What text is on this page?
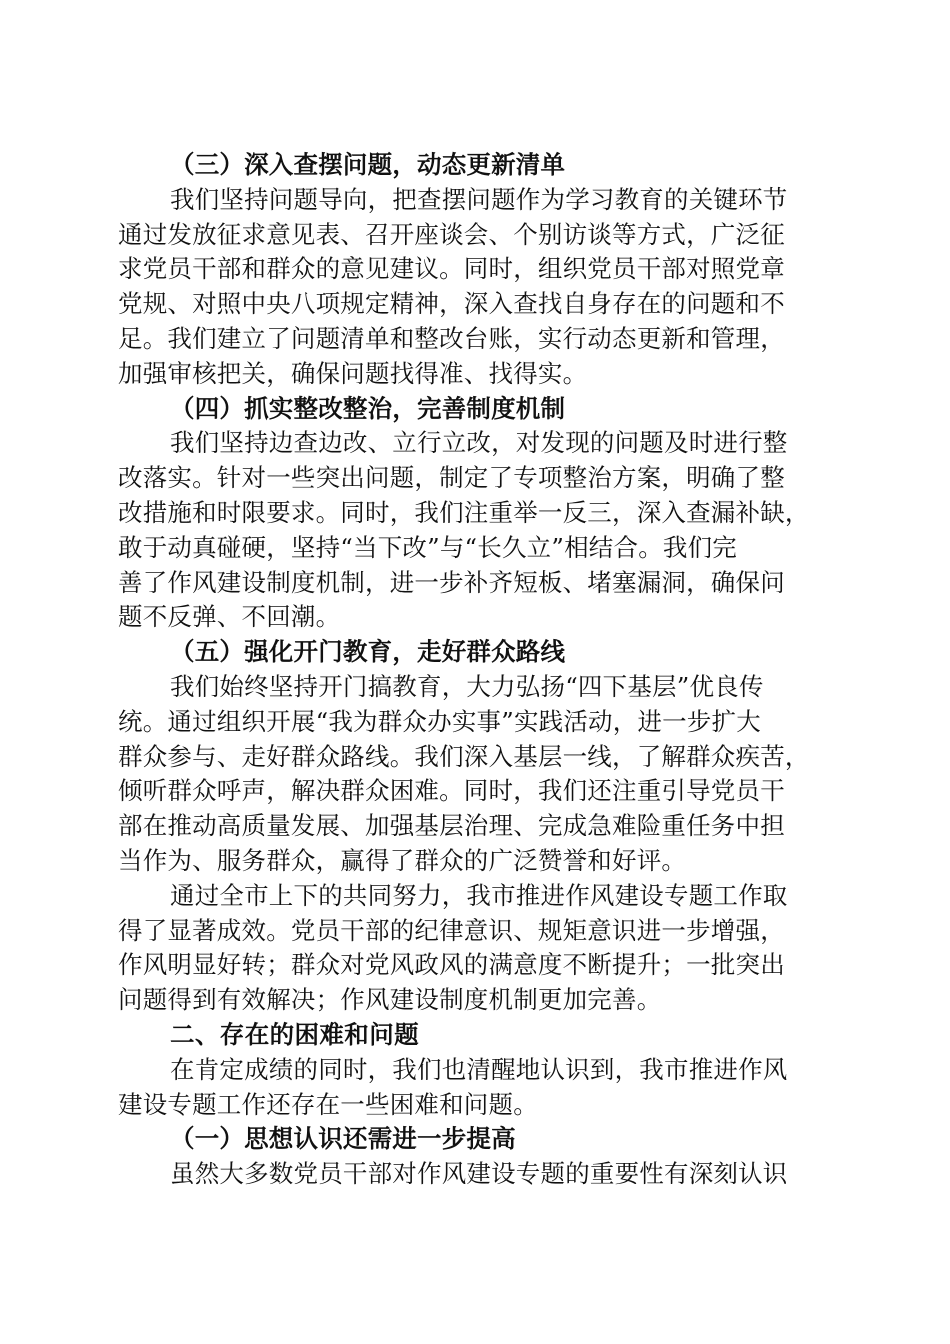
（三）深入查摆问题，动态更新清单
我们坚持问题导向，把查摆问题作为学习教育的关键环节
通过发放征求意见表、召开座谈会、个别访谈等方式，广泛征
求党员干部和群众的意见建议。同时，组织党员干部对照党章
党规、对照中央八项规定精神，深入查找自身存在的问题和不
足。我们建立了问题清单和整改台账，实行动态更新和管理，
加强审核把关，确保问题找得准、找得实。
（四）抓实整改整治，完善制度机制
我们坚持边查边改、立行立改，对发现的问题及时进行整
改落实。针对一些突出问题，制定了专项整治方案，明确了整
改措施和时限要求。同时，我们注重举一反三，深入查漏补缺，
敢于动真碰硬，坚持“当下改”与“长久立”相结合。我们完
善了作风建设制度机制，进一步补齐短板、堵塞漏洞，确保问
题不反弹、不回潮。
（五）强化开门教育，走好群众路线
我们始终坚持开门搞教育，大力弘扬“四下基层”优良传
统。通过组织开展“我为群众办实事”实践活动，进一步扩大
群众参与、走好群众路线。我们深入基层一线，了解群众疾苦，
倾听群众呼声，解决群众困难。同时，我们还注重引导党员干
部在推动高质量发展、加强基层治理、完成急难险重任务中担
当作为、服务群众，赢得了群众的广泛赞誉和好评。
通过全市上下的共同努力，我市推进作风建设专题工作取
得了显著成效。党员干部的纪律意识、规矩意识进一步增强，
作风明显好转；群众对党风政风的满意度不断提升；一批突出
问题得到有效解决；作风建设制度机制更加完善。
二、存在的困难和问题
在肯定成绩的同时，我们也清醒地认识到，我市推进作风
建设专题工作还存在一些困难和问题。
（一）思想认识还需进一步提高
虽然大多数党员干部对作风建设专题的重要性有深刻认识
